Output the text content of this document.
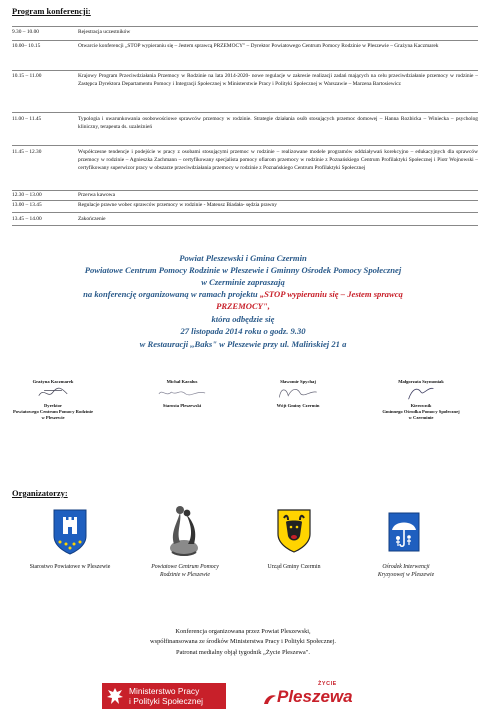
Program konferencji:
9.30 – 10.00	Rejestracja uczestników
10.00– 10.15	Otwarcie konferencji „STOP wypieraniu się – Jestem sprawcą PRZEMOCY" – Dyrektor Powiatowego Centrum Pomocy Rodzinie w Pleszewie – Grażyna Kaczmarek
10.15 – 11.00	Krajowy Program Przeciwdziałania Przemocy w Rodzinie na lata 2014-2020- nowe regulacje w zakresie realizacji zadań mających na celu przeciwdziałanie przemocy w rodzinie –Zastępca Dyrektora Departamentu Pomocy i Integracji Społecznej w Ministerstwie Pracy i Polityki Społecznej w Warszawie – Marzena Bartosiewicz
11.00 – 11.45	Typologia i uwarunkowania osobowościowe sprawców przemocy w rodzinie. Strategie działania osób stosujących przemoc domowej – Hanna Rozbicka – Winiecka – psycholog kliniczny, terapeuta ds. uzależnień
11.45 – 12.30	Współczesne tendencje i podejście w pracy z osobami stosującymi przemoc w rodzinie – realizowane modele programów oddziaływań korekcyjno – edukacyjnych dla sprawców przemocy w rodzinie – Agnieszka Zachmann – certyfikowany specjalista pomocy ofiarom przemocy w rodzinie z Poznańskiego Centrum Profilaktyki Społecznej i Piotr Wojnowski – certyfikowany superwizor pracy w obszarze przeciwdziałania przemocy w rodzinie z Poznańskiego Centrum Profilaktyki Społecznej
12.30 – 13.00	Przerwa kawowa
13.00 – 13.45	Regulacje prawne wobec sprawców przemocy w rodzinie - Mateusz Biadała- sędzia prawny
13.45 – 14.00	Zakończenie
Powiat Pleszewski i Gmina Czermin
Powiatowe Centrum Pomocy Rodzinie w Pleszewie i Gminny Ośrodek Pomocy Społecznej
w Czerminie zapraszają
na konferencję organizowaną w ramach projektu „STOP wypieraniu się – Jestem sprawcą
PRZEMOCY",
która odbędzie się
27 listopada 2014 roku o godz. 9.30
w Restauracji ,,Baks" w Pleszewie przy ul. Malińskiej 21 a
Grażyna Kaczmarek
Dyrektor
Powiatowego Centrum Pomocy Rodzinie
w Pleszewie
Michał Karalus
Starosta Pleszewski
Sławomir Spychaj
Wójt Gminy Czermin
Małgorzata Szymoniak
Kierownik
Gminnego Ośrodka Pomocy Społecznej
w Czerminie
Organizatorzy:
Starostwo Powiatowe w Pleszewie	Powiatowe Centrum Pomocy
Rodzinie w Pleszewie
Urząd Gminy Czermin	Ośrodek Interwencji
Kryzysowej w Pleszewie
Konferencja organizowana przez Powiat Pleszewski,
współfinansowana ze środków Ministerstwa Pracy i Polityki Społecznej.
Patronat medialny objął tygodnik „Życie Pleszewa".
Ministerstwo Pracy
i Polityki Społecznej
ŻYCIE
Pleszewa
